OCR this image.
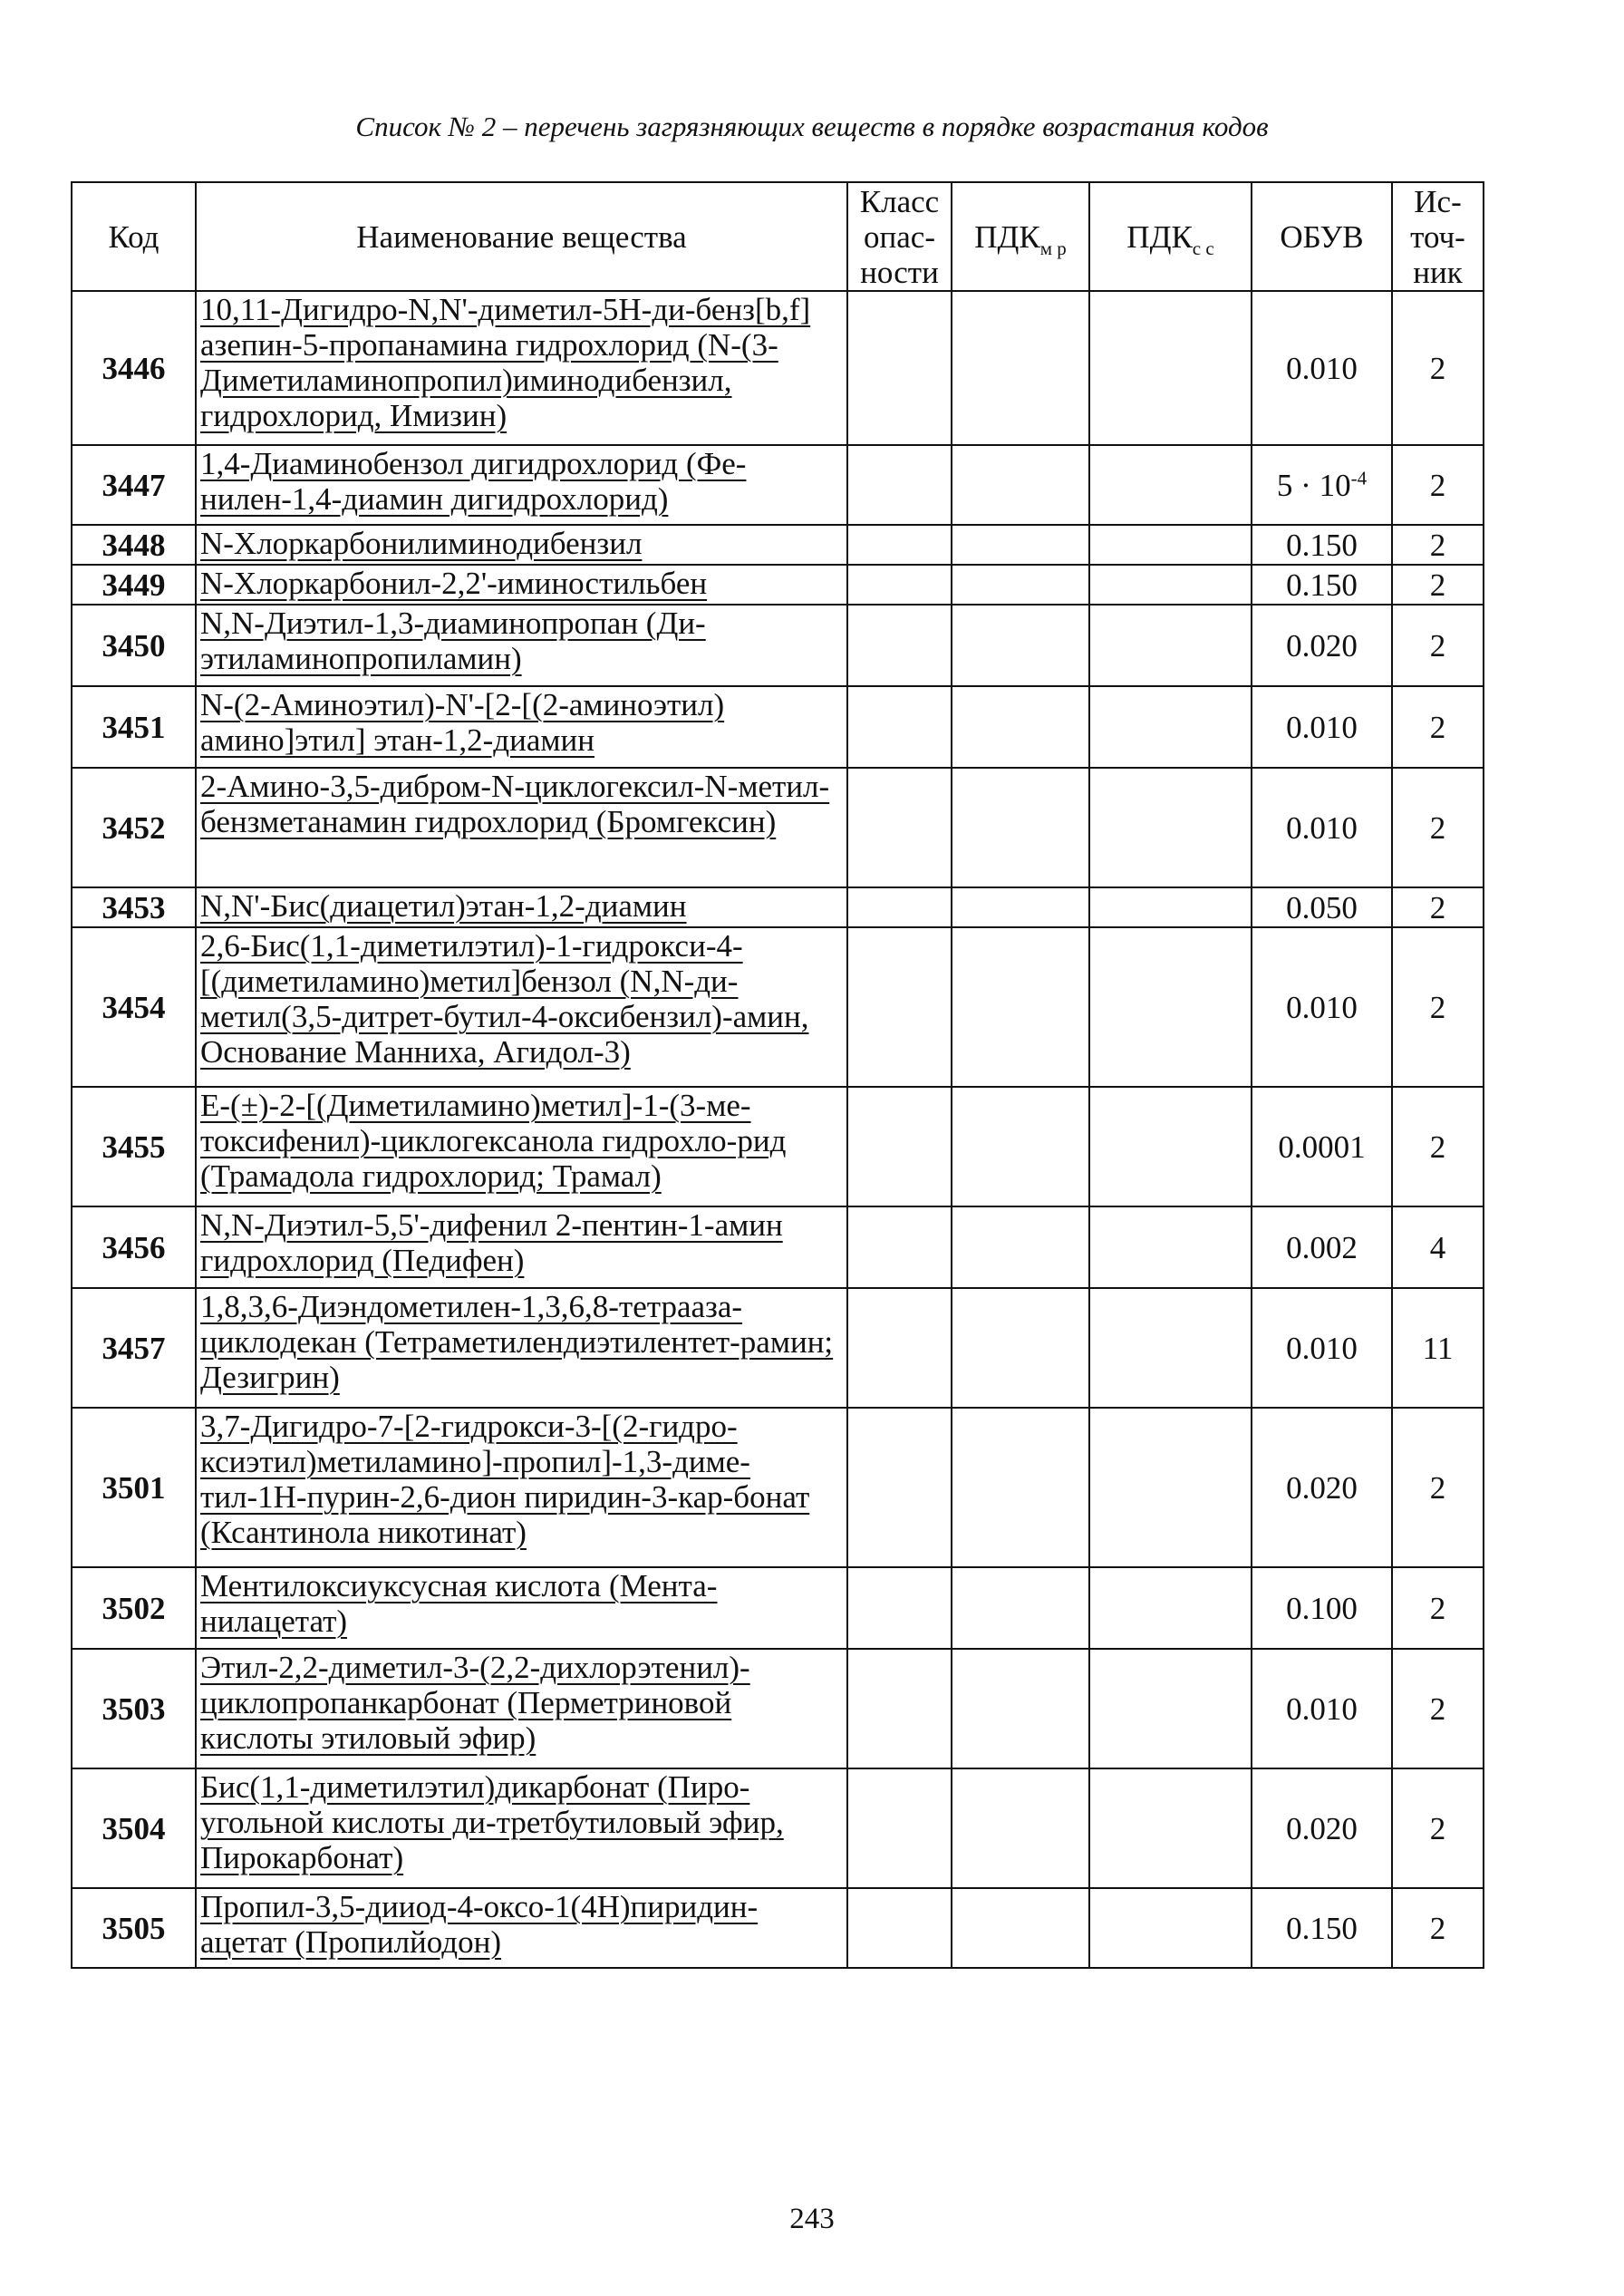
Список № 2 – перечень загрязняющих веществ в порядке возрастания кодов
Код	Наименование вещества	Класс опас- ности	$ПДК_{м р}$	$ПДК_{с с}$	ОБУВ	Ис- точ- ник
3446	10,11-Дигидро-N,N'-диметил-5Н-ди-бенз[b,f] азепин-5-пропанамина гидрохлорид (N-(3-Диметиламинопропил)иминодибензил, гидрохлорид, Имизин)				0.010	2
3447	1,4-Диаминобензол дигидрохлорид (Фе-нилен-1,4-диамин дигидрохлорид)				$5 \cdot 10^{-4}$	2
3448	N-Хлоркарбонилиминодибензил				0.150	2
3449	N-Хлоркарбонил-2,2'-иминостильбен				0.150	2
3450	N,N-Диэтил-1,3-диаминопропан (Ди-этиламинопропиламин)				0.020	2
3451	N-(2-Аминоэтил)-N'-[2-[(2-аминоэтил) амино]этил] этан-1,2-диамин				0.010	2
3452	2-Амино-3,5-дибром-N-циклогексил-N-метил-бензметанамин гидрохлорид (Бромгексин)				0.010	2
3453	N,N'-Бис(диацетил)этан-1,2-диамин				0.050	2
3454	2,6-Бис(1,1-диметилэтил)-1-гидрокси-4-[(диметиламино)метил]бензол (N,N-ди-метил(3,5-дитрет-бутил-4-оксибензил)-амин, Основание Манниха, Агидол-3)				0.010	2
3455	Е-(±)-2-[(Диметиламино)метил]-1-(3-ме-токсифенил)-циклогексанола гидрохло-рид (Трамадола гидрохлорид; Трамал)				0.0001	2
3456	N,N-Диэтил-5,5'-дифенил 2-пентин-1-амин гидрохлорид (Педифен)				0.002	4
3457	1,8,3,6-Диэндометилен-1,3,6,8-тетрааза-циклодекан (Тетраметилендиэтилентет-рамин; Дезигрин)				0.010	11
3501	3,7-Дигидро-7-[2-гидрокси-3-[(2-гидро-ксиэтил)метиламино]-пропил]-1,3-диме-тил-1Н-пурин-2,6-дион пиридин-3-кар-бонат (Ксантинола никотинат)				0.020	2
3502	Ментилоксиуксусная кислота (Мента-нилацетат)				0.100	2
3503	Этил-2,2-диметил-3-(2,2-дихлорэтенил)-циклопропанкарбонат (Перметриновой кислоты этиловый эфир)				0.010	2
3504	Бис(1,1-диметилэтил)дикарбонат (Пиро-угольной кислоты ди-третбутиловый эфир, Пирокарбонат)				0.020	2
3505	Пропил-3,5-дииод-4-оксо-1(4Н)пиридин-ацетат (Пропилйодон)				0.150	2
243
